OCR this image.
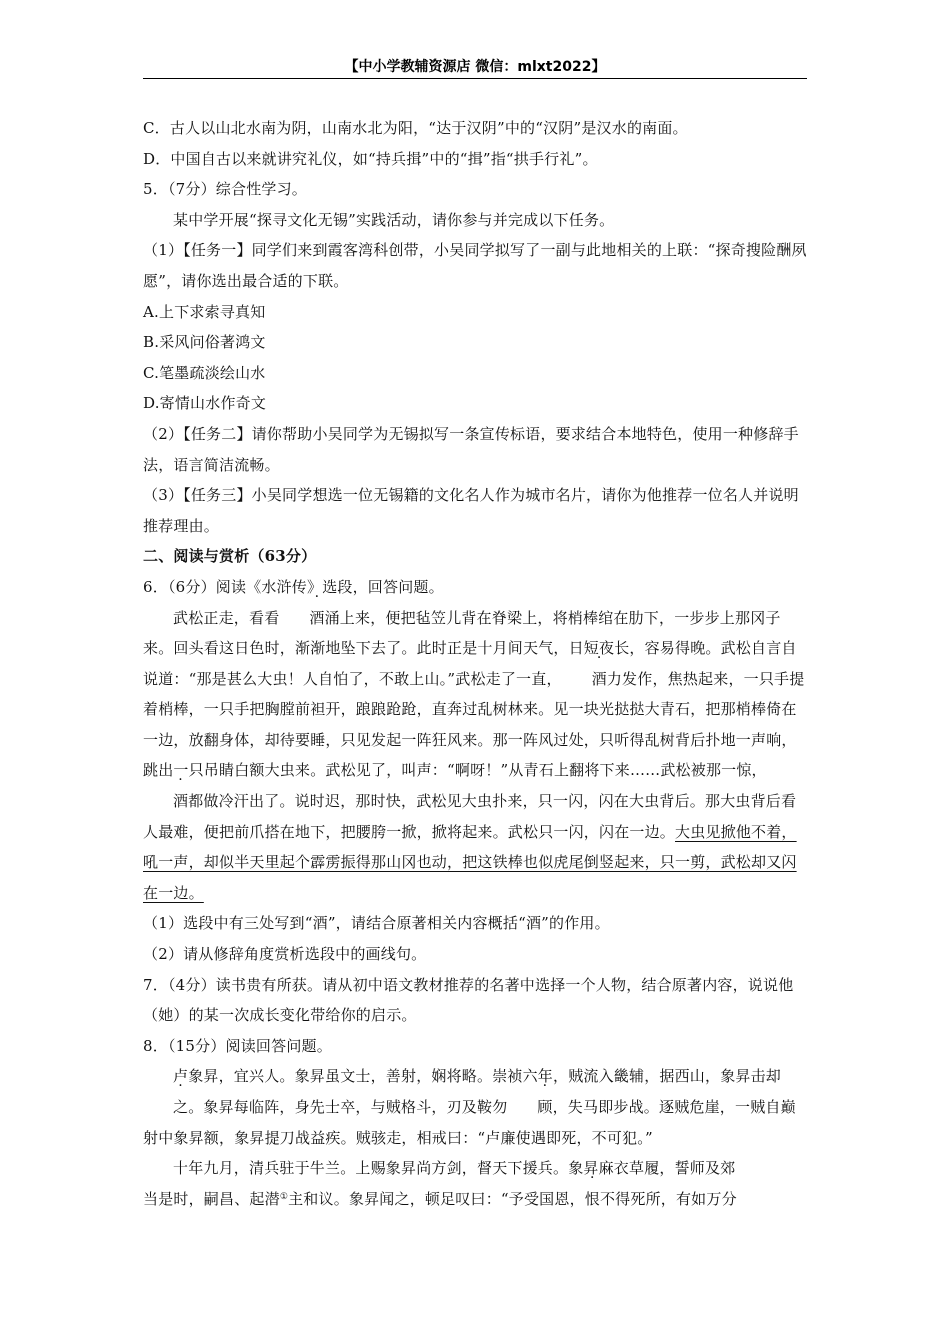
【中小学教辅资源店 微信：mlxt2022】

C．古人以山北水南为阴，山南水北为阳，“达于汉阴”中的“汉阴”是汉水的南面。

D．中国自古以来就讲究礼仪，如“持兵揖”中的“揖”指“拱手行礼”。

5．（7分）综合性学习。

某中学开展“探寻文化无锡”实践活动，请你参与并完成以下任务。

（1）【任务一】同学们来到霞客湾科创带，小吴同学拟写了一副与此地相关的上联：“探奇搜险酬夙愿”，请你选出最合适的下联。

A.上下求索寻真知

B.采风问俗著鸿文

C.笔墨疏淡绘山水

D.寄情山水作奇文

（2）【任务二】请你帮助小吴同学为无锡拟写一条宣传标语，要求结合本地特色，使用一种修辞手法，语言简洁流畅。

（3）【任务三】小吴同学想选一位无锡籍的文化名人作为城市名片，请你为他推荐一位名人并说明推荐理由。

二、阅读与赏析（63分）

6．（6分）阅读《水浒传》选段，回答问题。

武松正走，看看 酒涌上来，便把毡笠儿背在脊梁上，将梢棒绾在肋下，一步步上那冈子来。回头看这日色时，渐渐地坠下去了。此时正是十月间天气，日短夜长，容易得晚。武松自言自说道：“那是甚么大虫！人自怕了，不敢上山。”武松走了一直， 酒力发作，焦热起来，一只手提着梢棒，一只手把胸膛前袒开，踉踉跄跄，直奔过乱树林来。见一块光挞挞大青石，把那梢棒倚在一边，放翻身体，却待要睡，只见发起一阵狂风来。那一阵风过处，只听得乱树背后扑地一声响，跳出一只吊睛白额大虫来。武松见了，叫声：“啊呀！”从青石上翻将下来……武松被那一惊，酒都做冷汗出了。说时迟，那时快，武松见大虫扑来，只一闪，闪在大虫背后。那大虫背后看人最难，便把前爪搭在地下，把腰胯一掀，掀将起来。武松只一闪，闪在一边。大虫见掀他不着，吼一声，却似半天里起个霹雳振得那山冈也动，把这铁棒也似虎尾倒竖起来，只一剪，武松却又闪在一边。

（1）选段中有三处写到“酒”，请结合原著相关内容概括“酒”的作用。

（2）请从修辞角度赏析选段中的画线句。

7．（4分）读书贵有所获。请从初中语文教材推荐的名著中选择一个人物，结合原著内容，说说他（她）的某一次成长变化带给你的启示。

8．（15分）阅读回答问题。

卢象昇，宜兴人。象昇虽文士，善射，娴将略。崇祯六年，贼流入畿辅，据西山，象昇击却之。象昇每临阵，身先士卒，与贼格斗，刃及鞍勿 顾，失马即步战。逐贼危崖，一贼自巅射中象昇额，象昇提刀战益疾。贼骇走，相戒曰：“卢廉使遇即死，不可犯。”

十年九月，清兵驻于牛兰。上赐象昇尚方剑，督天下援兵。象昇麻衣草履，誓师及郊

当是时，嗣昌、起潜①主和议。象昇闻之，顿足叹曰：“予受国恩，恨不得死所，有如万分
